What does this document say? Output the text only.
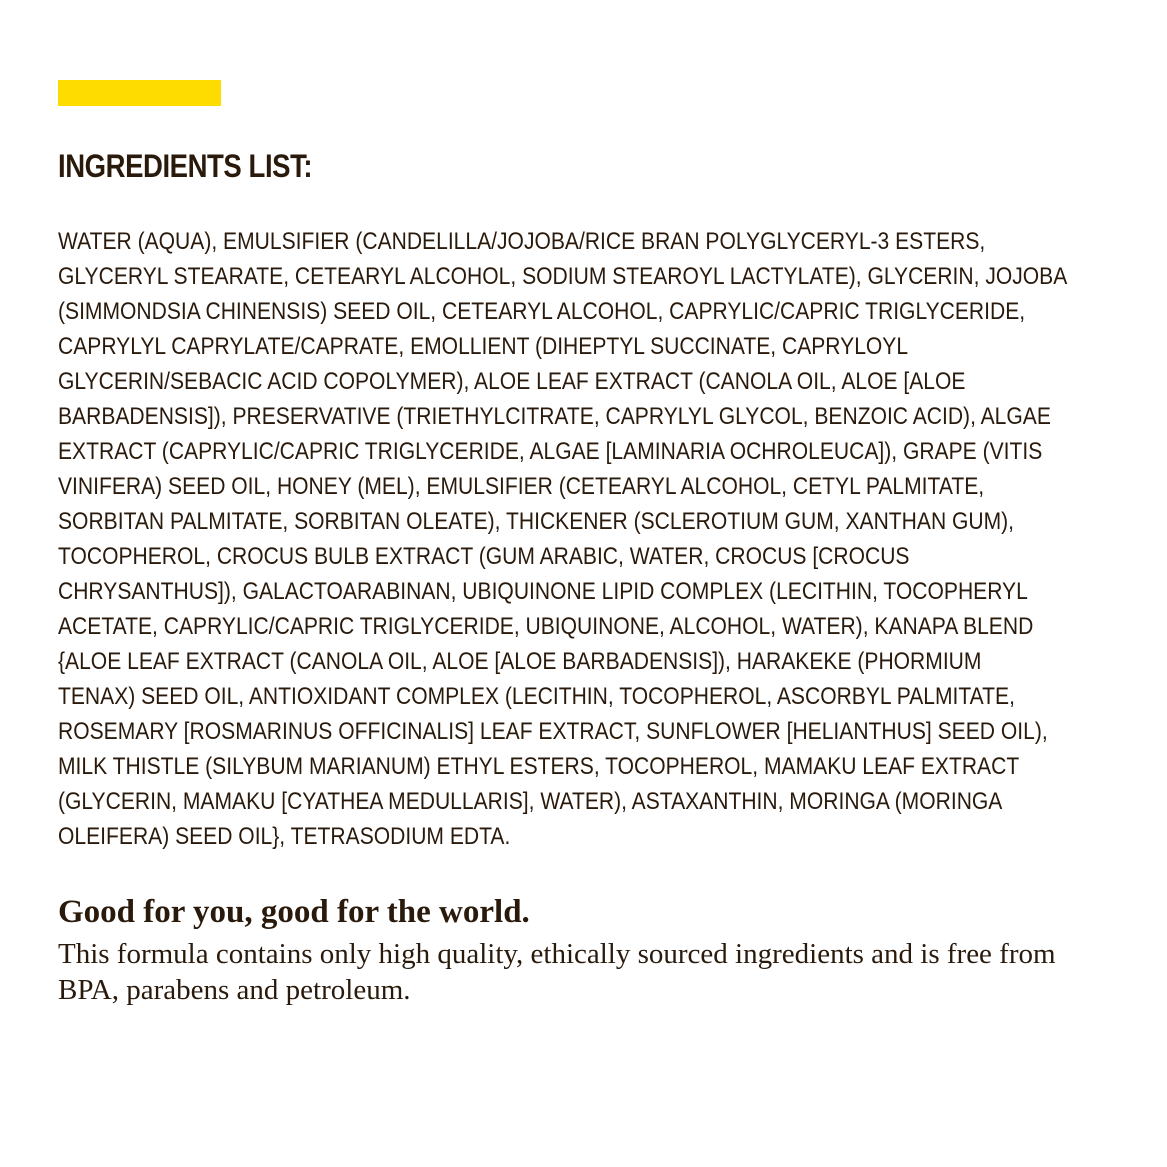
INGREDIENTS LIST:
WATER (AQUA), EMULSIFIER (CANDELILLA/JOJOBA/RICE BRAN POLYGLYCERYL-3 ESTERS,
GLYCERYL STEARATE, CETEARYL ALCOHOL, SODIUM STEAROYL LACTYLATE), GLYCERIN, JOJOBA
(SIMMONDSIA CHINENSIS) SEED OIL, CETEARYL ALCOHOL, CAPRYLIC/CAPRIC TRIGLYCERIDE,
CAPRYLYL CAPRYLATE/CAPRATE, EMOLLIENT (DIHEPTYL SUCCINATE, CAPRYLOYL
GLYCERIN/SEBACIC ACID COPOLYMER), ALOE LEAF EXTRACT (CANOLA OIL, ALOE [ALOE
BARBADENSIS]), PRESERVATIVE (TRIETHYLCITRATE, CAPRYLYL GLYCOL, BENZOIC ACID), ALGAE
EXTRACT (CAPRYLIC/CAPRIC TRIGLYCERIDE, ALGAE [LAMINARIA OCHROLEUCA]), GRAPE (VITIS
VINIFERA) SEED OIL, HONEY (MEL), EMULSIFIER (CETEARYL ALCOHOL, CETYL PALMITATE,
SORBITAN PALMITATE, SORBITAN OLEATE), THICKENER (SCLEROTIUM GUM, XANTHAN GUM),
TOCOPHEROL, CROCUS BULB EXTRACT (GUM ARABIC, WATER, CROCUS [CROCUS
CHRYSANTHUS]), GALACTOARABINAN, UBIQUINONE LIPID COMPLEX (LECITHIN, TOCOPHERYL
ACETATE, CAPRYLIC/CAPRIC TRIGLYCERIDE, UBIQUINONE, ALCOHOL, WATER), KANAPA BLEND
{ALOE LEAF EXTRACT (CANOLA OIL, ALOE [ALOE BARBADENSIS]), HARAKEKE (PHORMIUM
TENAX) SEED OIL, ANTIOXIDANT COMPLEX (LECITHIN, TOCOPHEROL, ASCORBYL PALMITATE,
ROSEMARY [ROSMARINUS OFFICINALIS] LEAF EXTRACT, SUNFLOWER [HELIANTHUS] SEED OIL),
MILK THISTLE (SILYBUM MARIANUM) ETHYL ESTERS, TOCOPHEROL, MAMAKU LEAF EXTRACT
(GLYCERIN, MAMAKU [CYATHEA MEDULLARIS], WATER), ASTAXANTHIN, MORINGA (MORINGA
OLEIFERA) SEED OIL}, TETRASODIUM EDTA.
Good for you, good for the world.
This formula contains only high quality, ethically sourced ingredients and is free from
BPA, parabens and petroleum.
